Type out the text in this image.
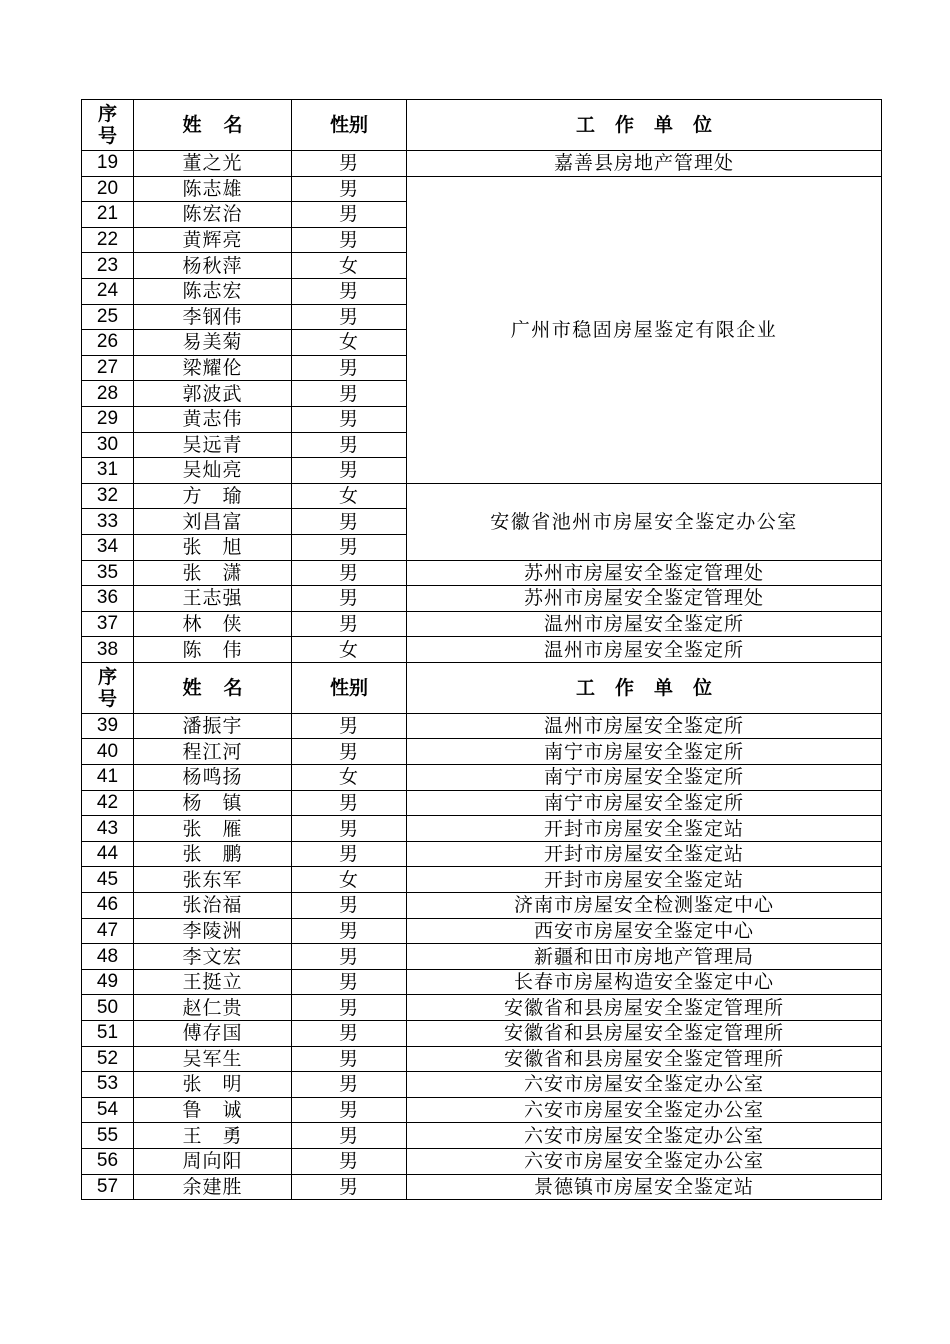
序
号	姓名	性别	工作单位
19	董之光	男	嘉善县房地产管理处
20	陈志雄	男	广州市稳固房屋鉴定有限企业
21	陈宏治	男	
22	黄辉亮	男	
23	杨秋萍	女	
24	陈志宏	男	
25	李钢伟	男	
26	易美菊	女	
27	梁耀伦	男	
28	郭波武	男	
29	黄志伟	男	
30	吴远青	男	
31	吴灿亮	男	
32	方　瑜	女	安徽省池州市房屋安全鉴定办公室
33	刘昌富	男	
34	张　旭	男	
35	张　潇	男	苏州市房屋安全鉴定管理处
36	王志强	男	苏州市房屋安全鉴定管理处
37	林　侠	男	温州市房屋安全鉴定所
38	陈　伟	女	温州市房屋安全鉴定所

序
号	姓名	性别	工作单位
39	潘振宇	男	温州市房屋安全鉴定所
40	程江河	男	南宁市房屋安全鉴定所
41	杨鸣扬	女	南宁市房屋安全鉴定所
42	杨　镇	男	南宁市房屋安全鉴定所
43	张　雁	男	开封市房屋安全鉴定站
44	张　鹏	男	开封市房屋安全鉴定站
45	张东军	女	开封市房屋安全鉴定站
46	张治福	男	济南市房屋安全检测鉴定中心
47	李陵洲	男	西安市房屋安全鉴定中心
48	李文宏	男	新疆和田市房地产管理局
49	王挺立	男	长春市房屋构造安全鉴定中心
50	赵仁贵	男	安徽省和县房屋安全鉴定管理所
51	傅存国	男	安徽省和县房屋安全鉴定管理所
52	吴军生	男	安徽省和县房屋安全鉴定管理所
53	张　明	男	六安市房屋安全鉴定办公室
54	鲁　诚	男	六安市房屋安全鉴定办公室
55	王　勇	男	六安市房屋安全鉴定办公室
56	周向阳	男	六安市房屋安全鉴定办公室
57	余建胜	男	景德镇市房屋安全鉴定站
